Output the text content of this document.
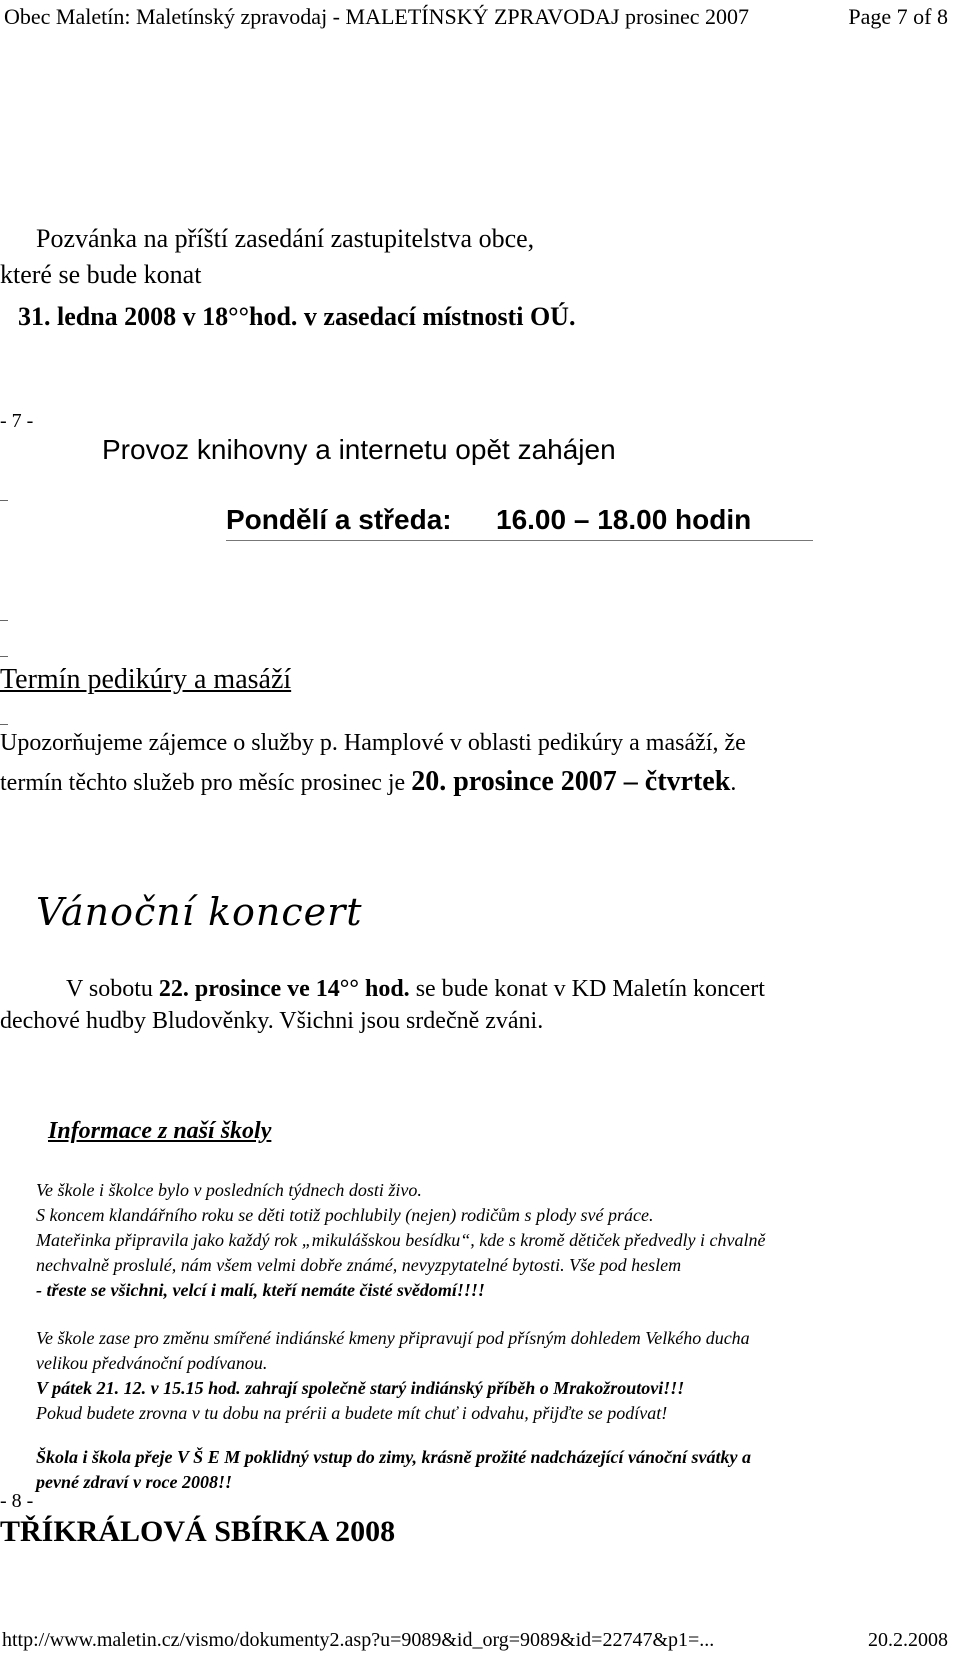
Obec Maletín: Maletínský zpravodaj - MALETÍNSKÝ ZPRAVODAJ prosinec 2007	Page 7 of 8
Pozvánka na příští zasedání zastupitelstva obce,
které se bude konat
31. ledna 2008 v 18°°hod. v zasedací místnosti OÚ.
- 7 -
Provoz knihovny a internetu opět zahájen
Pondělí a středa: 16.00 – 18.00 hodin
Termín pedikúry a masáží
Upozorňujeme zájemce o služby p. Hamplové v oblasti pedikúry a masáží, že
termín těchto služeb pro měsíc prosinec je 20. prosince 2007 – čtvrtek.
Vánoční koncert
V sobotu 22. prosince ve 14°° hod. se bude konat v KD Maletín koncert
dechové hudby Bludověnky. Všichni jsou srdečně zváni.
Informace z naší školy
Ve škole i školce bylo v posledních týdnech dosti živo.
S koncem klandářního roku se děti totiž pochlubily (nejen) rodičům s plody své práce.
Mateřinka připravila jako každý rok „mikulášskou besídku“, kde s kromě dětiček předvedly i chvalně
nechvalně proslulé, nám všem velmi dobře známé, nevyzpytatelné bytosti. Vše pod heslem
- třeste se všichni, velcí i malí, kteří nemáte čisté svědomí!!!!
Ve škole zase pro změnu smířené indiánské kmeny připravují pod přísným dohledem Velkého ducha
velikou předvánoční podívanou.
V pátek 21. 12. v 15.15 hod. zahrají společně starý indiánský příběh o Mrakožroutovi!!!
Pokud budete zrovna v tu dobu na prérii a budete mít chuť i odvahu, přijďte se podívat!
Škola i škola přeje V Š E M poklidný vstup do zimy, krásně prožité nadcházející vánoční svátky a
pevné zdraví v roce 2008!!
- 8 -
TŘÍKRÁLOVÁ SBÍRKA 2008
http://www.maletin.cz/vismo/dokumenty2.asp?u=9089&id_org=9089&id=22747&p1=...	20.2.2008
